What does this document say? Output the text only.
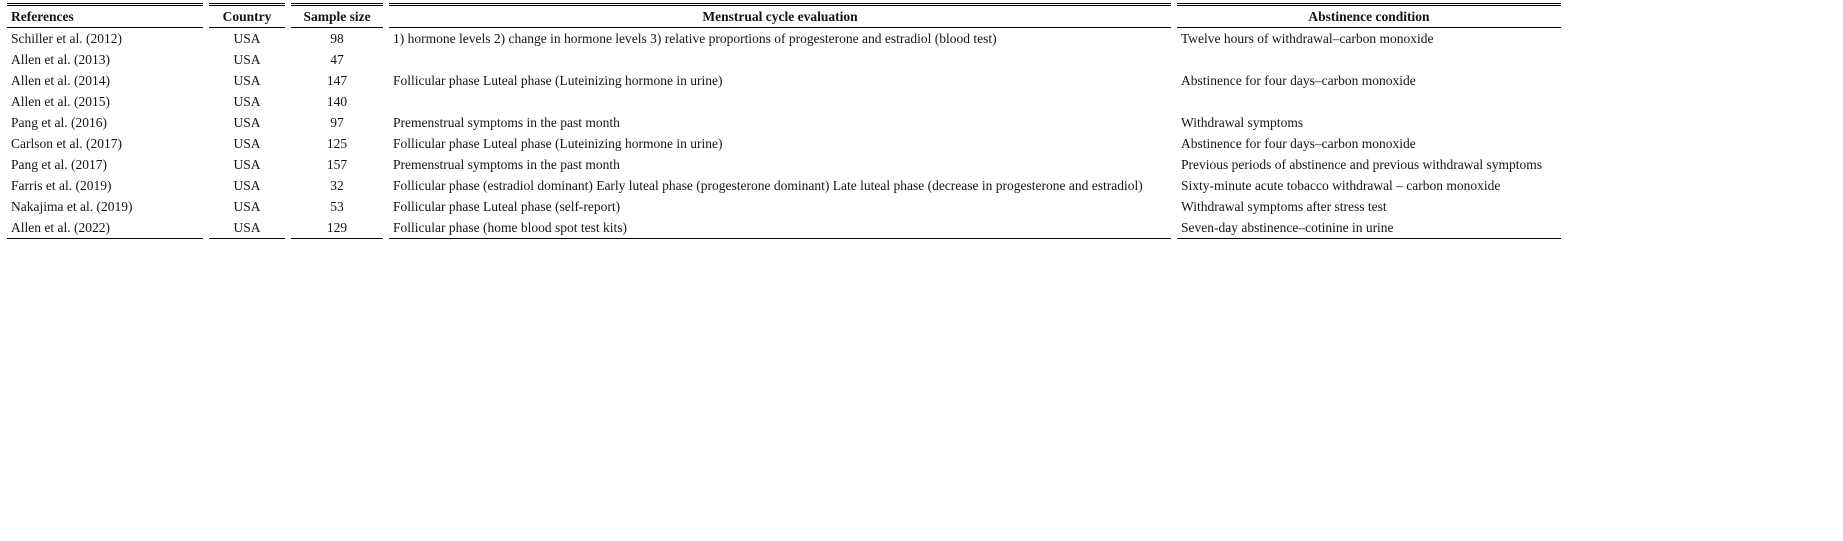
References	Country	Sample size	Menstrual cycle evaluation	Abstinence condition
Schiller et al. (2012)	USA	98	1) hormone levels 2) change in hormone levels 3) relative proportions of progesterone and estradiol (blood test)	Twelve hours of withdrawal–carbon monoxide
Allen et al. (2013)	USA	47		
Allen et al. (2014)	USA	147	Follicular phase Luteal phase (Luteinizing hormone in urine)	Abstinence for four days–carbon monoxide
Allen et al. (2015)	USA	140		
Pang et al. (2016)	USA	97	Premenstrual symptoms in the past month	Withdrawal symptoms
Carlson et al. (2017)	USA	125	Follicular phase Luteal phase (Luteinizing hormone in urine)	Abstinence for four days–carbon monoxide
Pang et al. (2017)	USA	157	Premenstrual symptoms in the past month	Previous periods of abstinence and previous withdrawal symptoms
Farris et al. (2019)	USA	32	Follicular phase (estradiol dominant) Early luteal phase (progesterone dominant) Late luteal phase (decrease in progesterone and estradiol)	Sixty-minute acute tobacco withdrawal – carbon monoxide
Nakajima et al. (2019)	USA	53	Follicular phase Luteal phase (self-report)	Withdrawal symptoms after stress test
Allen et al. (2022)	USA	129	Follicular phase (home blood spot test kits)	Seven-day abstinence–cotinine in urine
